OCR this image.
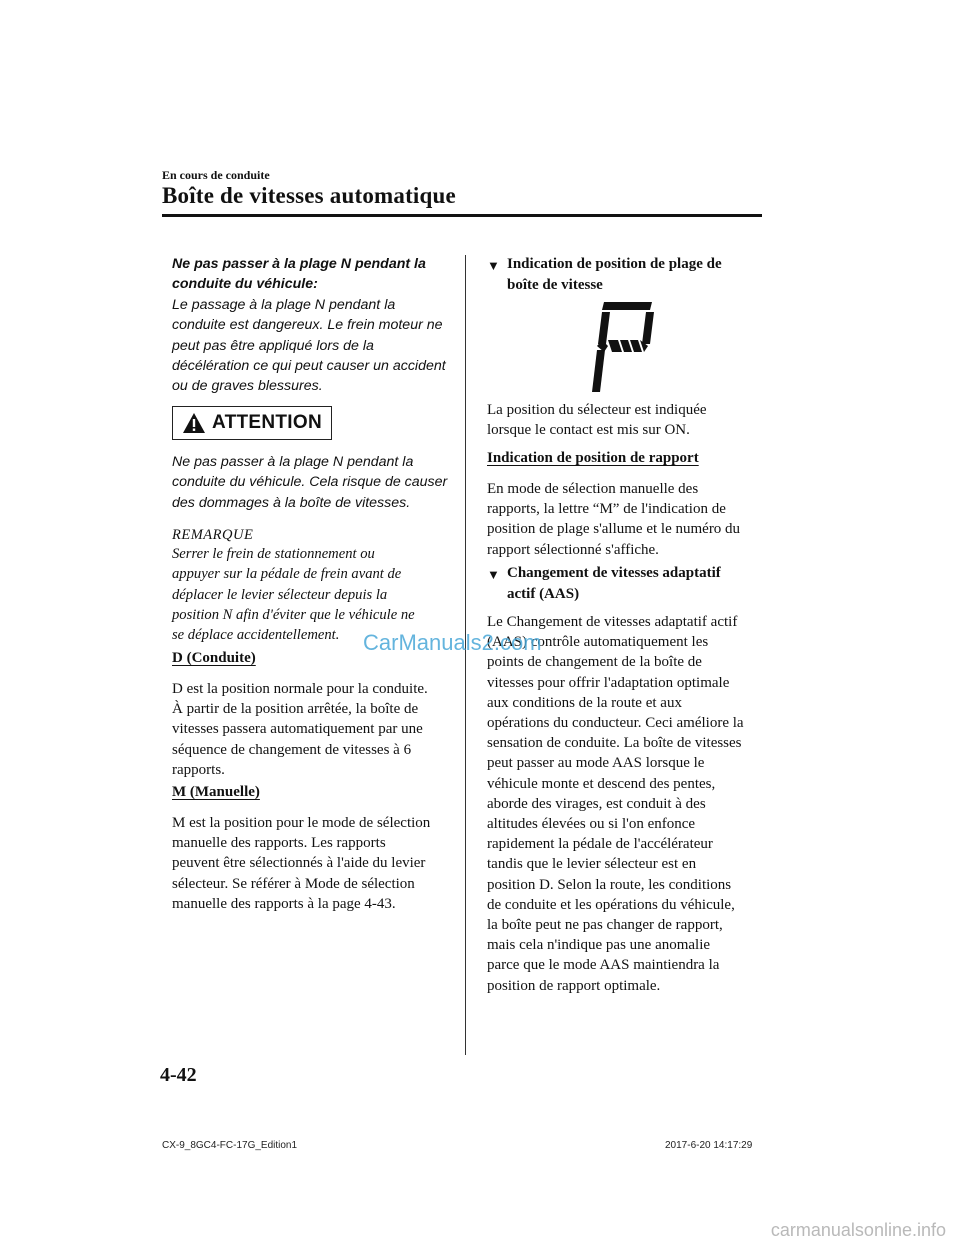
En cours de conduite
Boîte de vitesses automatique
Ne pas passer à la plage N pendant la
conduite du véhicule:
Le passage à la plage N pendant la
conduite est dangereux. Le frein moteur ne
peut pas être appliqué lors de la
décélération ce qui peut causer un accident
ou de graves blessures.
ATTENTION
Ne pas passer à la plage N pendant la
conduite du véhicule. Cela risque de causer
des dommages à la boîte de vitesses.
REMARQUE
Serrer le frein de stationnement ou
appuyer sur la pédale de frein avant de
déplacer le levier sélecteur depuis la
position N afin d'éviter que le véhicule ne
se déplace accidentellement.
D (Conduite)
D est la position normale pour la conduite.
À partir de la position arrêtée, la boîte de
vitesses passera automatiquement par une
séquence de changement de vitesses à 6
rapports.
M (Manuelle)
M est la position pour le mode de sélection
manuelle des rapports. Les rapports
peuvent être sélectionnés à l'aide du levier
sélecteur. Se référer à Mode de sélection
manuelle des rapports à la page 4-43.
▼ Indication de position de plage de
boîte de vitesse
La position du sélecteur est indiquée
lorsque le contact est mis sur ON.
Indication de position de rapport
En mode de sélection manuelle des
rapports, la lettre “M” de l'indication de
position de plage s'allume et le numéro du
rapport sélectionné s'affiche.
▼ Changement de vitesses adaptatif
actif (AAS)
Le Changement de vitesses adaptatif actif
(AAS) contrôle automatiquement les
points de changement de la boîte de
vitesses pour offrir l'adaptation optimale
aux conditions de la route et aux
opérations du conducteur. Ceci améliore la
sensation de conduite. La boîte de vitesses
peut passer au mode AAS lorsque le
véhicule monte et descend des pentes,
aborde des virages, est conduit à des
altitudes élevées ou si l'on enfonce
rapidement la pédale de l'accélérateur
tandis que le levier sélecteur est en
position D. Selon la route, les conditions
de conduite et les opérations du véhicule,
la boîte peut ne pas changer de rapport,
mais cela n'indique pas une anomalie
parce que le mode AAS maintiendra la
position de rapport optimale.
CarManuals2.com
4-42
CX-9_8GC4-FC-17G_Edition1	2017-6-20 14:17:29
carmanualsonline.info
